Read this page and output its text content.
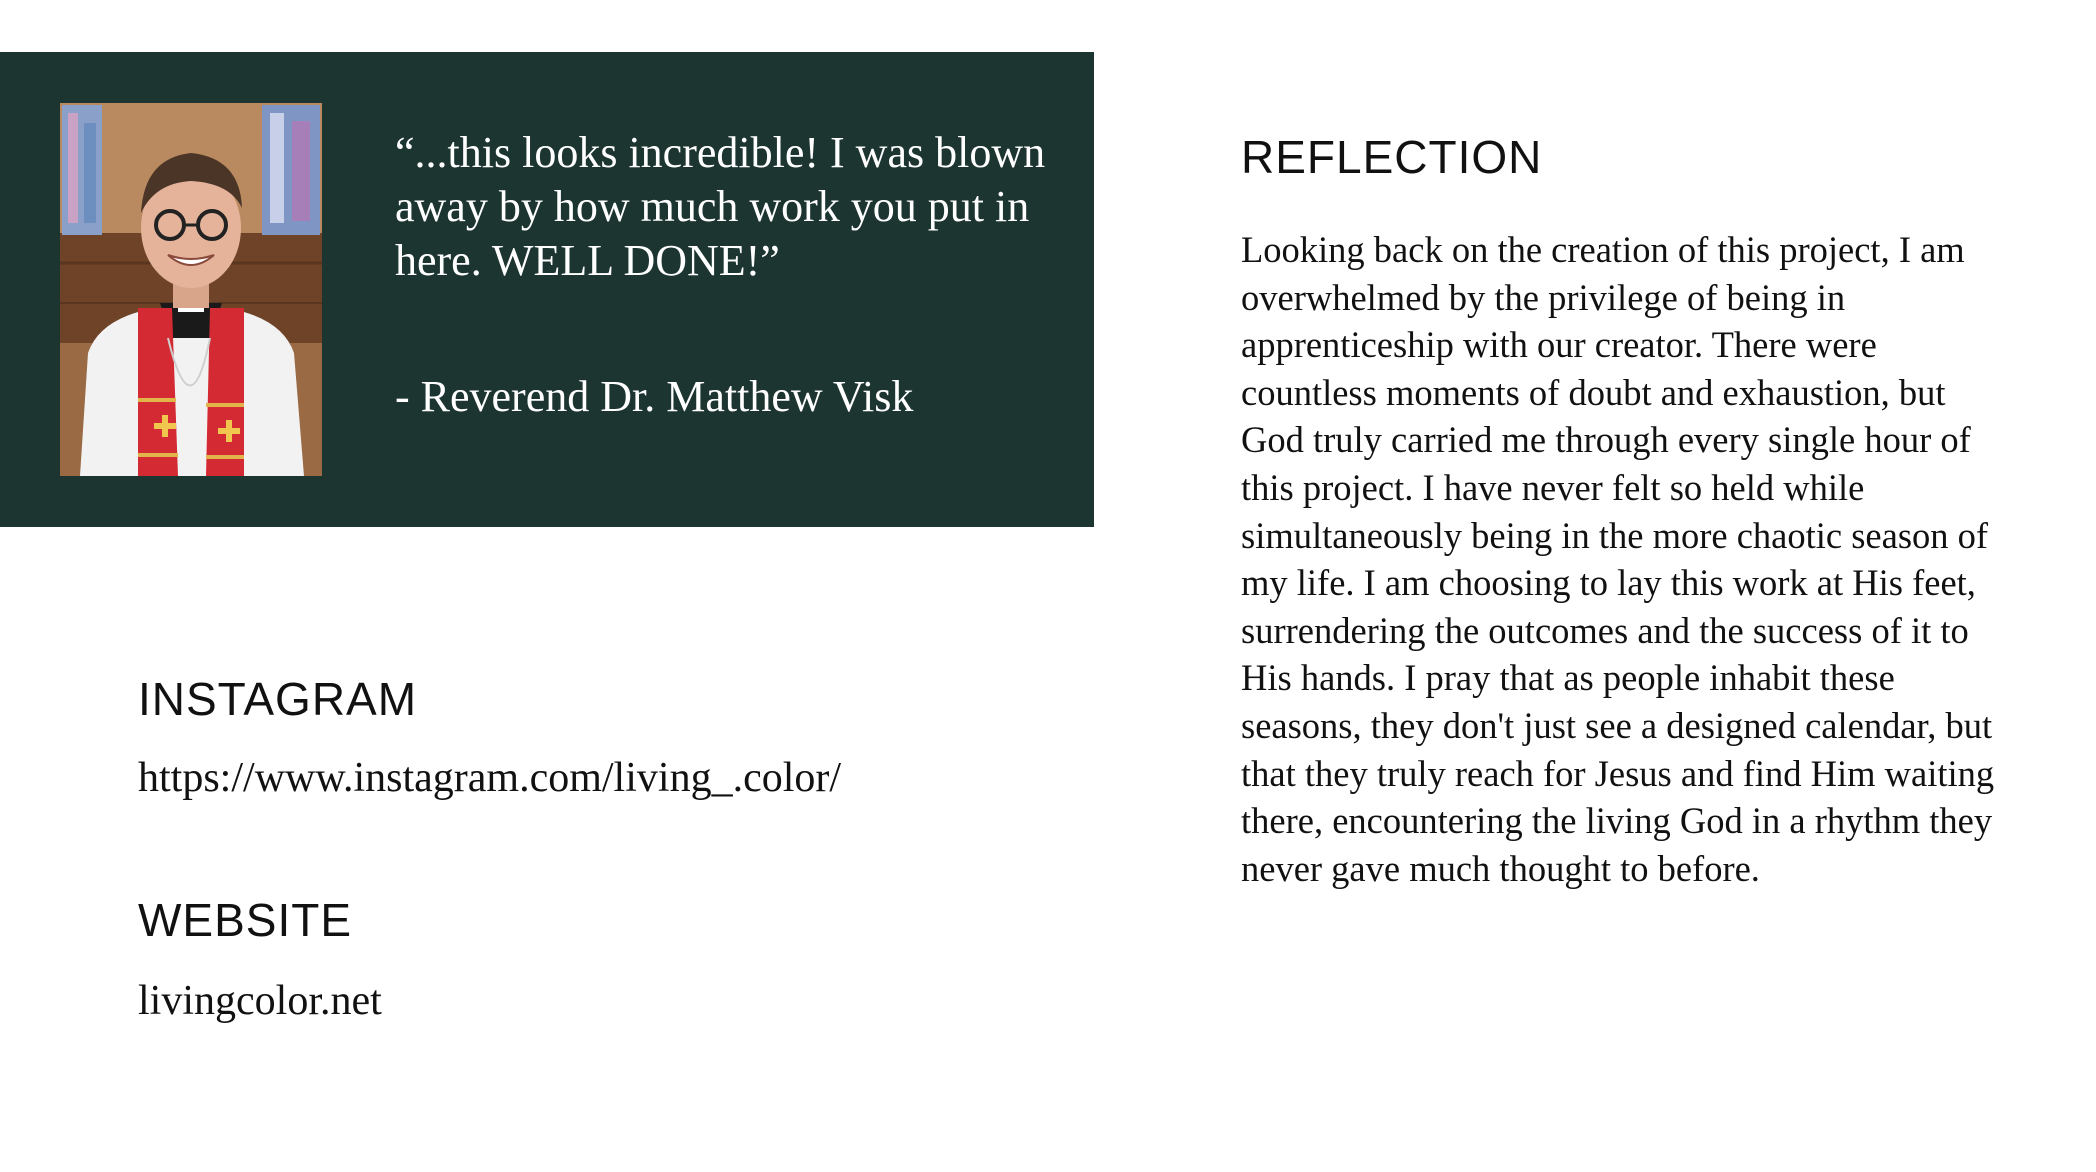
“...this looks incredible! I was blown away by how much work you put in here. WELL DONE!”

- Reverend Dr. Matthew Visk

INSTAGRAM

https://www.instagram.com/living_.color/

WEBSITE

livingcolor.net

REFLECTION

Looking back on the creation of this project, I am overwhelmed by the privilege of being in apprenticeship with our creator. There were countless moments of doubt and exhaustion, but God truly carried me through every single hour of this project. I have never felt so held while simultaneously being in the more chaotic season of my life. I am choosing to lay this work at His feet, surrendering the outcomes and the success of it to His hands. I pray that as people inhabit these seasons, they don't just see a designed calendar, but that they truly reach for Jesus and find Him waiting there, encountering the living God in a rhythm they never gave much thought to before.
